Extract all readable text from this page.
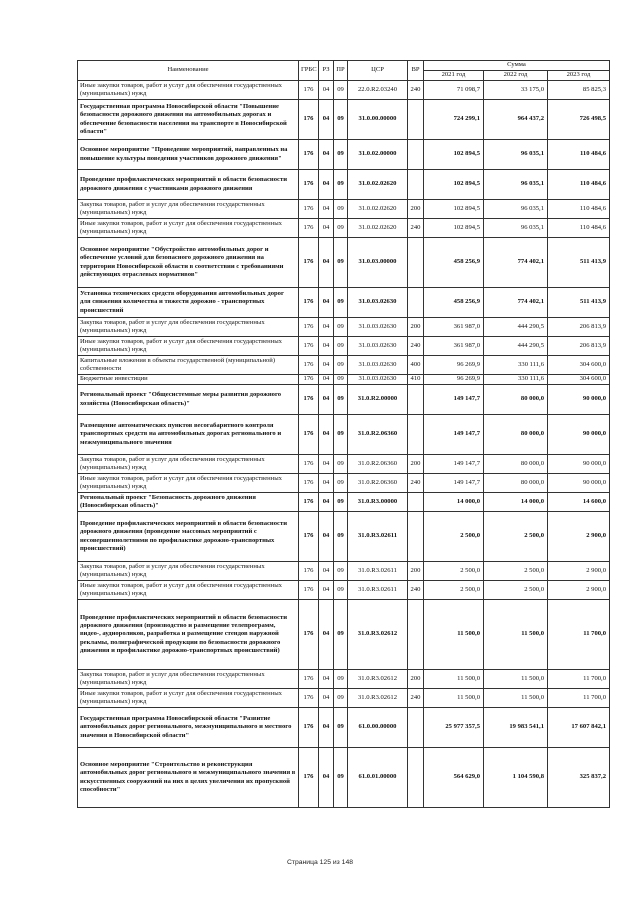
Наименование	ГРБС	РЗ	ПР	ЦСР	ВР	Сумма		
						2021 год	2022 год	2023 год
Иные закупки товаров, работ и услуг для обеспечения государственных (муниципальных) нужд	176	04	09	22.0.R2.03240	240	71 098,7	33 175,0	85 825,3
Государственная программа Новосибирской области "Повышение безопасности дорожного движения на автомобильных дорогах и обеспечение безопасности населения на транспорте в Новосибирской области"	176	04	09	31.0.00.00000		724 299,1	964 437,2	726 498,5
Основное мероприятие "Проведение мероприятий, направленных на повышение культуры поведения участников дорожного движения"	176	04	09	31.0.02.00000		102 894,5	96 035,1	110 484,6
Проведение профилактических мероприятий в области безопасности дорожного движения с участниками дорожного движения	176	04	09	31.0.02.02620		102 894,5	96 035,1	110 484,6
Закупка товаров, работ и услуг для обеспечения государственных (муниципальных) нужд	176	04	09	31.0.02.02620	200	102 894,5	96 035,1	110 484,6
Иные закупки товаров, работ и услуг для обеспечения государственных (муниципальных) нужд	176	04	09	31.0.02.02620	240	102 894,5	96 035,1	110 484,6
Основное мероприятие "Обустройство автомобильных дорог и обеспечение условий для безопасного дорожного движения на территории Новосибирской области в соответствии с требованиями действующих отраслевых нормативов"	176	04	09	31.0.03.00000		458 256,9	774 402,1	511 413,9
Установка технических средств оборудования автомобильных дорог для снижения количества и тяжести дорожно - транспортных происшествий	176	04	09	31.0.03.02630		458 256,9	774 402,1	511 413,9
Закупка товаров, работ и услуг для обеспечения государственных (муниципальных) нужд	176	04	09	31.0.03.02630	200	361 987,0	444 290,5	206 813,9
Иные закупки товаров, работ и услуг для обеспечения государственных (муниципальных) нужд	176	04	09	31.0.03.02630	240	361 987,0	444 290,5	206 813,9
Капитальные вложения в объекты государственной (муниципальной) собственности	176	04	09	31.0.03.02630	400	96 269,9	330 111,6	304 600,0
Бюджетные инвестиции	176	04	09	31.0.03.02630	410	96 269,9	330 111,6	304 600,0
Региональный проект "Общесистемные меры развития дорожного хозяйства (Новосибирская область)"	176	04	09	31.0.R2.00000		149 147,7	80 000,0	90 000,0
Размещение автоматических пунктов весогабаритного контроля транспортных средств на автомобильных дорогах регионального и межмуниципального значения	176	04	09	31.0.R2.06360		149 147,7	80 000,0	90 000,0
Закупка товаров, работ и услуг для обеспечения государственных (муниципальных) нужд	176	04	09	31.0.R2.06360	200	149 147,7	80 000,0	90 000,0
Иные закупки товаров, работ и услуг для обеспечения государственных (муниципальных) нужд	176	04	09	31.0.R2.06360	240	149 147,7	80 000,0	90 000,0
Региональный проект "Безопасность дорожного движения (Новосибирская область)"	176	04	09	31.0.R3.00000		14 000,0	14 000,0	14 600,0
Проведение профилактических мероприятий в области безопасности дорожного движения (проведение массовых мероприятий с несовершеннолетними по профилактике дорожно-транспортных происшествий)	176	04	09	31.0.R3.02611		2 500,0	2 500,0	2 900,0
Закупка товаров, работ и услуг для обеспечения государственных (муниципальных) нужд	176	04	09	31.0.R3.02611	200	2 500,0	2 500,0	2 900,0
Иные закупки товаров, работ и услуг для обеспечения государственных (муниципальных) нужд	176	04	09	31.0.R3.02611	240	2 500,0	2 500,0	2 900,0
Проведение профилактических мероприятий в области безопасности дорожного движения (производство и размещение телепрограмм, видео-, аудиороликов, разработка и размещение стендов наружной рекламы, полиграфической продукции по безопасности дорожного движения и профилактике дорожно-транспортных происшествий)	176	04	09	31.0.R3.02612		11 500,0	11 500,0	11 700,0
Закупка товаров, работ и услуг для обеспечения государственных (муниципальных) нужд	176	04	09	31.0.R3.02612	200	11 500,0	11 500,0	11 700,0
Иные закупки товаров, работ и услуг для обеспечения государственных (муниципальных) нужд	176	04	09	31.0.R3.02612	240	11 500,0	11 500,0	11 700,0
Государственная программа Новосибирской области "Развитие автомобильных дорог регионального, межмуниципального и местного значения в Новосибирской области"	176	04	09	61.0.00.00000		25 977 357,5	19 983 541,1	17 607 842,1
Основное мероприятие "Строительство и реконструкция автомобильных дорог регионального и межмуниципального значения в искусственных сооружений на них в целях увеличения их пропускной способности"	176	04	09	61.0.01.00000		564 629,0	1 104 590,8	325 837,2
Страница 125 из 148
